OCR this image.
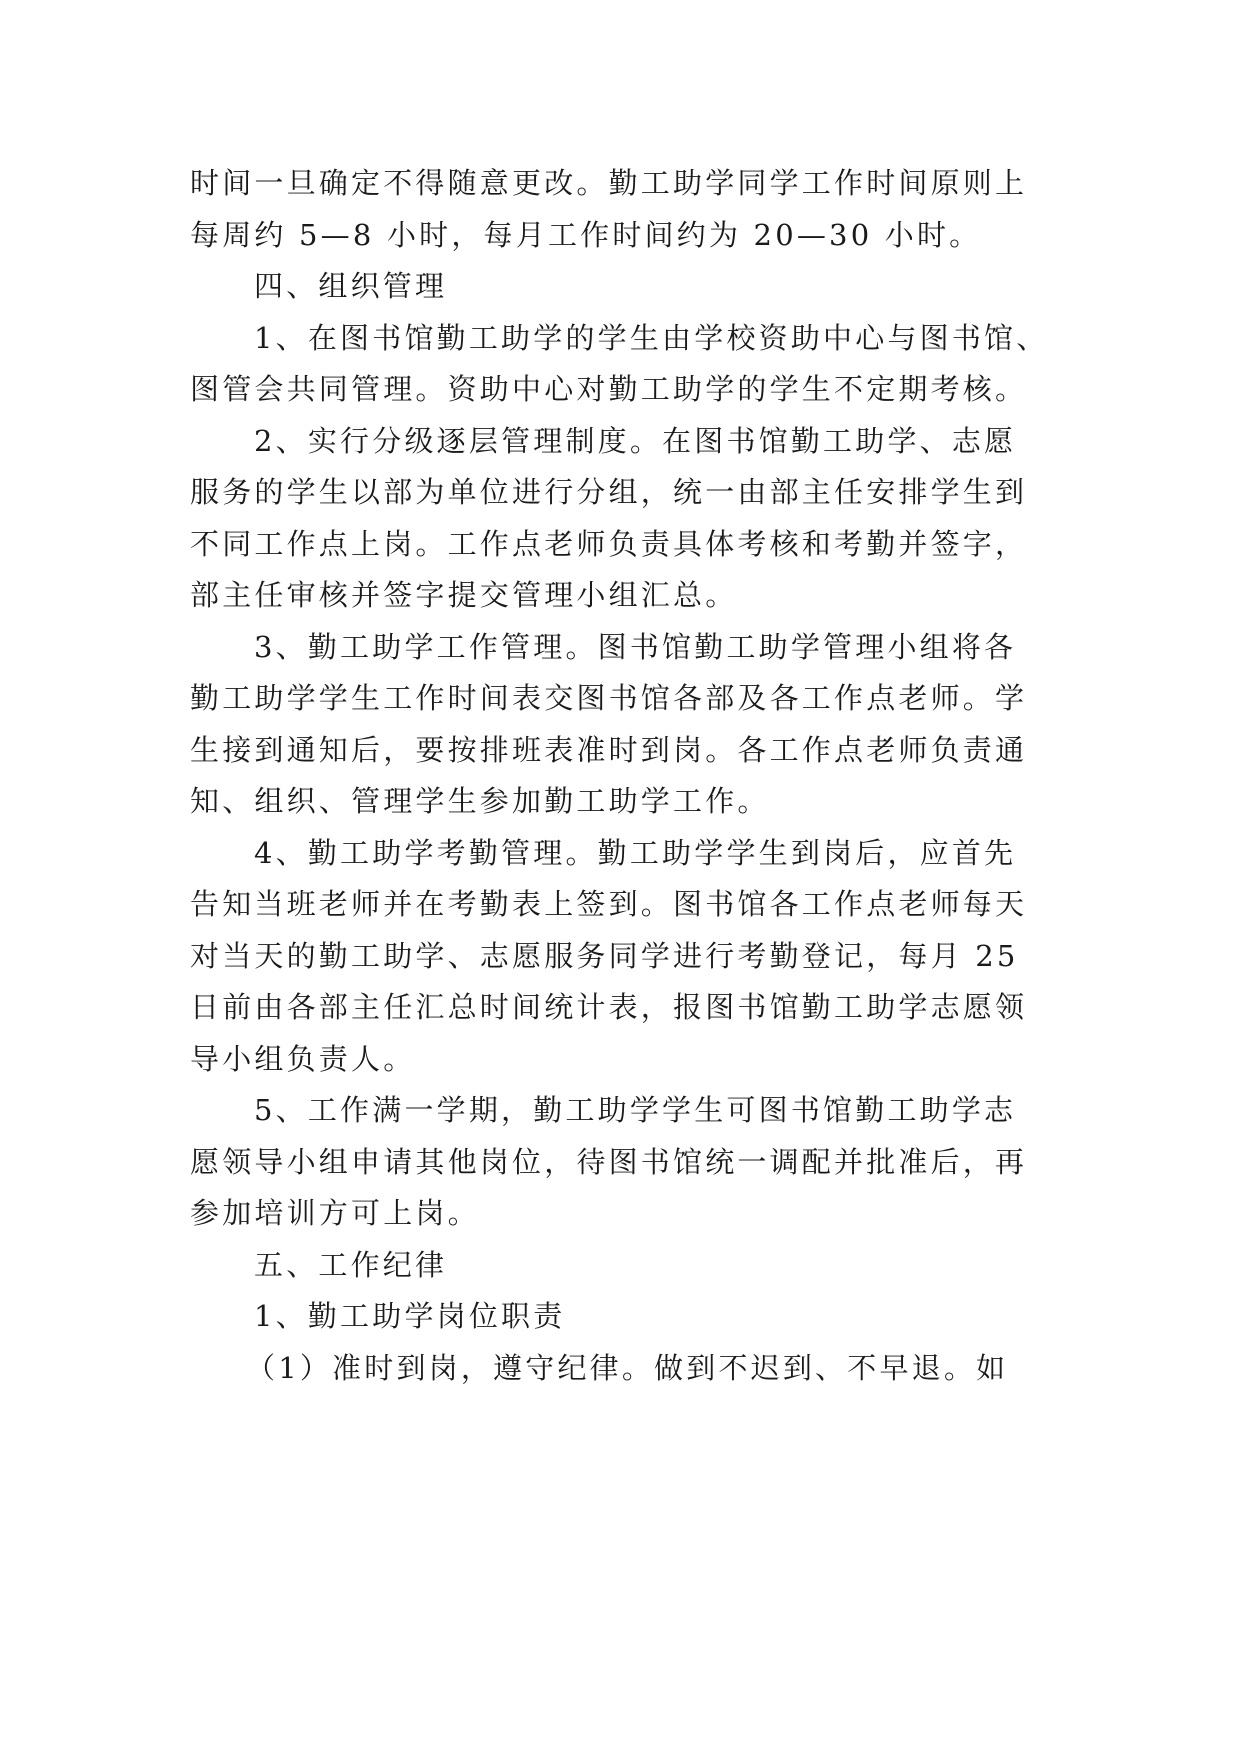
时间一旦确定不得随意更改。勤工助学同学工作时间原则上
每周约 5—8 小时，每月工作时间约为 20—30 小时。
四、组织管理
1、在图书馆勤工助学的学生由学校资助中心与图书馆、
图管会共同管理。资助中心对勤工助学的学生不定期考核。
2、实行分级逐层管理制度。在图书馆勤工助学、志愿
服务的学生以部为单位进行分组，统一由部主任安排学生到
不同工作点上岗。工作点老师负责具体考核和考勤并签字，
部主任审核并签字提交管理小组汇总。
3、勤工助学工作管理。图书馆勤工助学管理小组将各
勤工助学学生工作时间表交图书馆各部及各工作点老师。学
生接到通知后，要按排班表准时到岗。各工作点老师负责通
知、组织、管理学生参加勤工助学工作。
4、勤工助学考勤管理。勤工助学学生到岗后，应首先
告知当班老师并在考勤表上签到。图书馆各工作点老师每天
对当天的勤工助学、志愿服务同学进行考勤登记，每月 25
日前由各部主任汇总时间统计表，报图书馆勤工助学志愿领
导小组负责人。
5、工作满一学期，勤工助学学生可图书馆勤工助学志
愿领导小组申请其他岗位，待图书馆统一调配并批准后，再
参加培训方可上岗。
五、工作纪律
1、勤工助学岗位职责
（1）准时到岗，遵守纪律。做到不迟到、不早退。如
